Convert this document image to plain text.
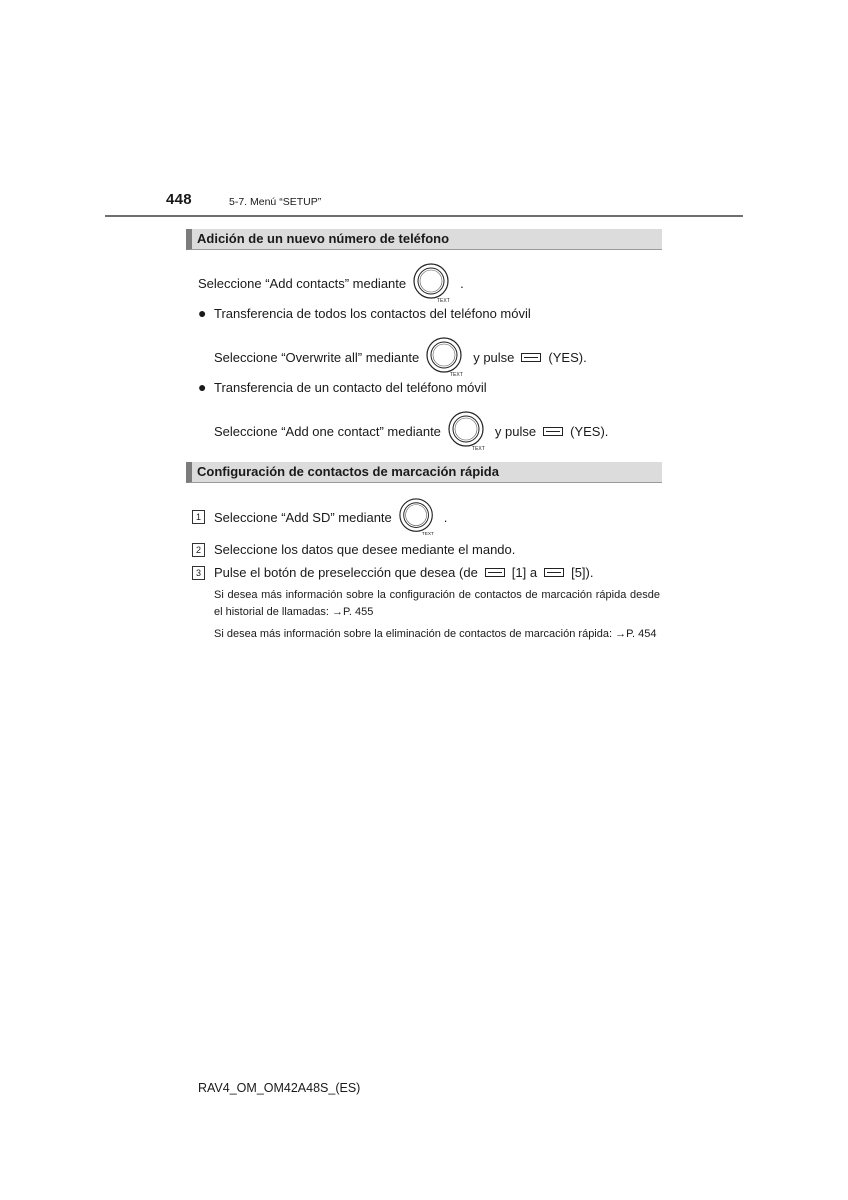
448	5-7. Menú “SETUP”
Adición de un nuevo número de teléfono
Seleccione “Add contacts” mediante
TEXT
.
● Transferencia de todos los contactos del teléfono móvil
Seleccione “Overwrite all” mediante
TEXT
y pulse	(YES).
● Transferencia de un contacto del teléfono móvil
Seleccione “Add one contact” mediante
TEXT
y pulse	(YES).
Configuración de contactos de marcación rápida
1	Seleccione “Add SD” mediante
TEXT
.
2	Seleccione los datos que desee mediante el mando.
3	Pulse el botón de preselección que desea (de	[1] a	[5]).
Si desea más información sobre la configuración de contactos de marcación rápida desde el historial de llamadas: →P. 455
Si desea más información sobre la eliminación de contactos de marcación rápida: →P. 454
RAV4_OM_OM42A48S_(ES)
